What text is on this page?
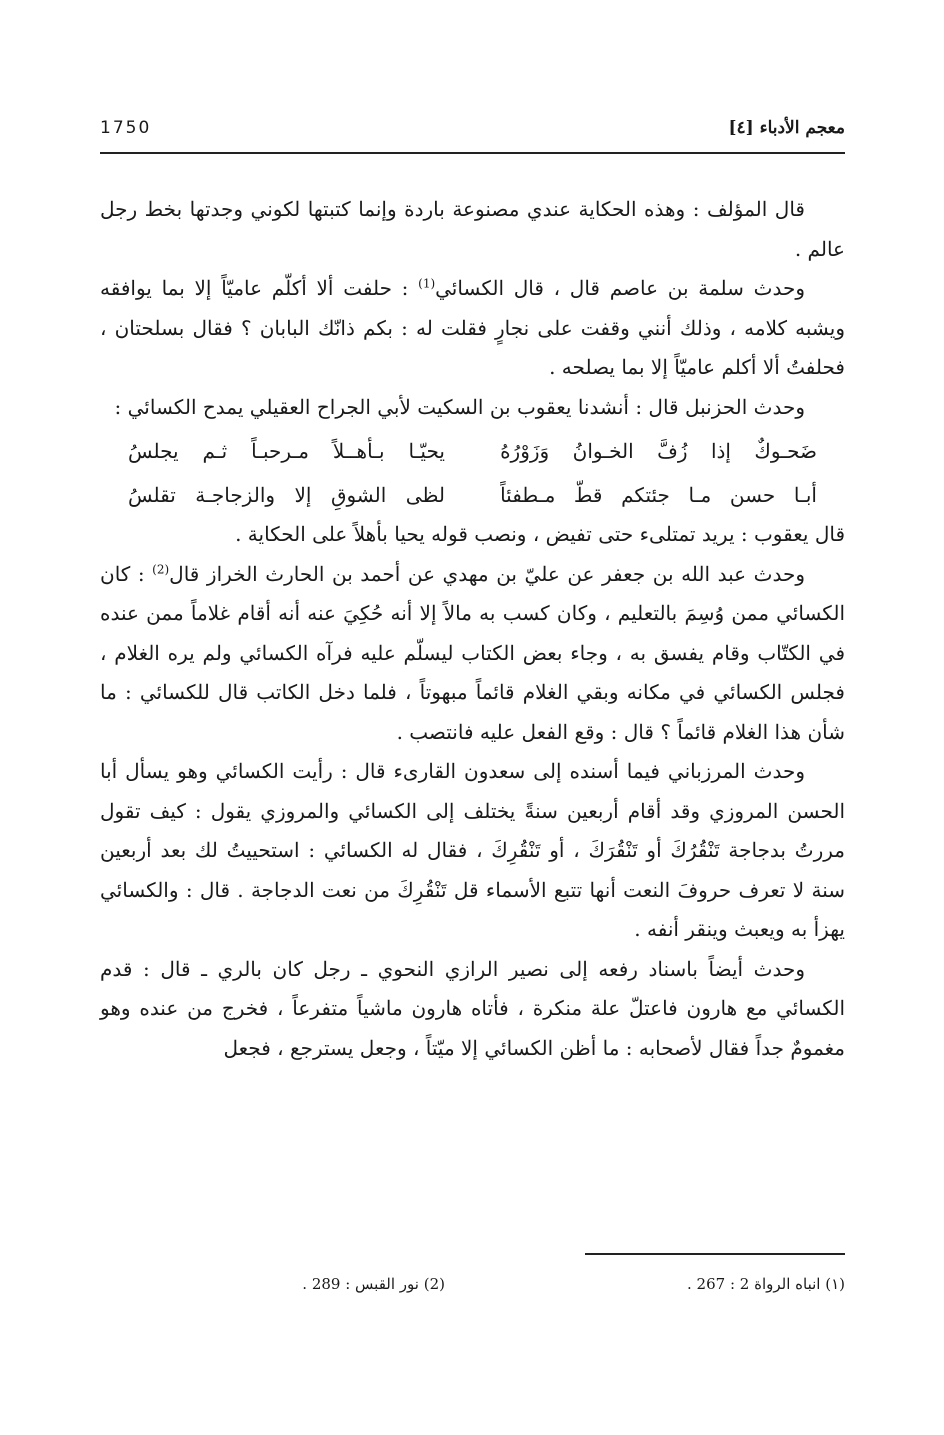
1750	معجم الأدباء [٤]

قال المؤلف : وهذه الحكاية عندي مصنوعة باردة وإنما كتبتها لكوني وجدتها بخط رجل عالم .

وحدث سلمة بن عاصم قال ، قال الكسائي$^{(1)}$ : حلفت ألا أكلّم عاميّاً إلا بما يوافقه ويشبه كلامه ، وذلك أنني وقفت على نجارٍ فقلت له : بكم ذانّك البابان ؟ فقال بسلحتان ، فحلفتُ ألا أكلم عاميّاً إلا بما يصلحه .

وحدث الحزنبل قال : أنشدنا يعقوب بن السكيت لأبي الجراح العقيلي يمدح الكسائي :

ضَحـوكٌ إذا زُفَّ الخـوانُ وَزَوْرُهُ
يحيّـا بـأهــلاً مـرحبـاً ثـم يجلسُ
أبـا حسن مـا جئتكم قطّ مـطفئاً
لظى الشوقِ إلا والزجاجـة تقلسُ

قال يعقوب : يريد تمتلىء حتى تفيض ، ونصب قوله يحيا بأهلاً على الحكاية .

وحدث عبد الله بن جعفر عن عليّ بن مهدي عن أحمد بن الحارث الخراز قال$^{(2)}$ : كان الكسائي ممن وُسِمَ بالتعليم ، وكان كسب به مالاً إلا أنه حُكِيَ عنه أنه أقام غلاماً ممن عنده في الكتّاب وقام يفسق به ، وجاء بعض الكتاب ليسلّم عليه فرآه الكسائي ولم يره الغلام ، فجلس الكسائي في مكانه وبقي الغلام قائماً مبهوتاً ، فلما دخل الكاتب قال للكسائي : ما شأن هذا الغلام قائماً ؟ قال : وقع الفعل عليه فانتصب .

وحدث المرزباني فيما أسنده إلى سعدون القارىء قال : رأيت الكسائي وهو يسأل أبا الحسن المروزي وقد أقام أربعين سنةً يختلف إلى الكسائي والمروزي يقول : كيف تقول مررتُ بدجاجة تَنْقُرُكَ أو تَنْقُرَكَ ، أو تَنْقُرِكَ ، فقال له الكسائي : استحييتُ لك بعد أربعين سنة لا تعرف حروفَ النعت أنها تتبع الأسماء قل تَنْقُرِكَ من نعت الدجاجة . قال : والكسائي يهزأ به ويعبث وينقر أنفه .

وحدث أيضاً باسناد رفعه إلى نصير الرازي النحوي ـ رجل كان بالري ـ قال : قدم الكسائي مع هارون فاعتلّ علة منكرة ، فأتاه هارون ماشياً متفرعاً ، فخرج من عنده وهو مغمومٌ جداً فقال لأصحابه : ما أظن الكسائي إلا ميّتاً ، وجعل يسترجع ، فجعل

(١) انباه الرواة 2 : 267 .
(2) نور القبس : 289 .
